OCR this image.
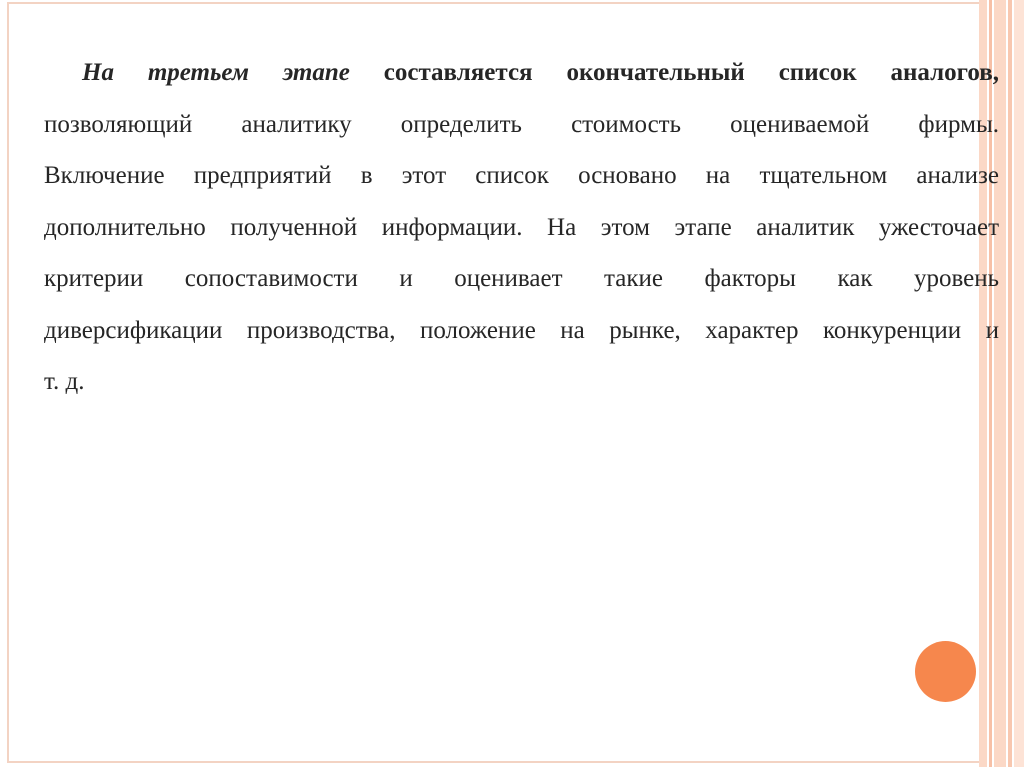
На третьем этапе составляется окончательный список аналогов,
позволяющий аналитику определить стоимость оцениваемой фирмы.
Включение предприятий в этот список основано на тщательном анализе
дополнительно полученной информации. На этом этапе аналитик ужесточает
критерии сопоставимости и оценивает такие факторы как уровень
диверсификации производства, положение на рынке, характер конкуренции и
т. д.
